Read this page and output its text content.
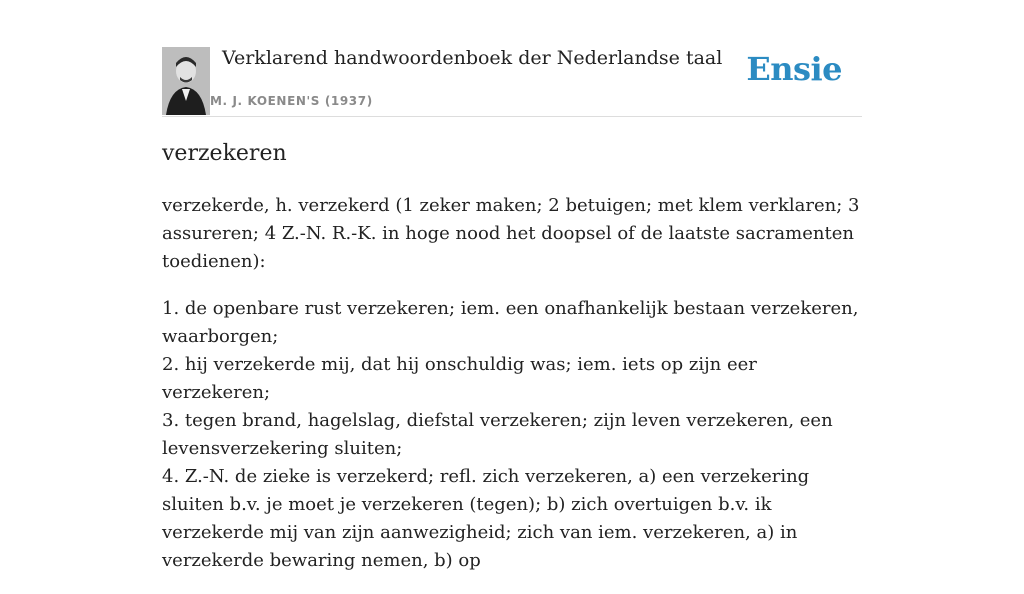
Verklarend handwoordenboek der Nederlandse taal
M. J. KOENEN'S (1937)
Ensie
verzekeren

verzekerde, h. verzekerd (1 zeker maken; 2 betuigen; met klem verklaren; 3 assureren; 4 Z.-N. R.-K. in hoge nood het doopsel of de laatste sacramenten toedienen):

1. de openbare rust verzekeren; iem. een onafhankelijk bestaan verzekeren, waarborgen;
2. hij verzekerde mij, dat hij onschuldig was; iem. iets op zijn eer verzekeren;
3. tegen brand, hagelslag, diefstal verzekeren; zijn leven verzekeren, een levensverzekering sluiten;
4. Z.-N. de zieke is verzekerd; refl. zich verzekeren, a) een verzekering sluiten b.v. je moet je verzekeren (tegen); b) zich overtuigen b.v. ik verzekerde mij van zijn aanwezigheid; zich van iem. verzekeren, a) in verzekerde bewaring nemen, b) op
